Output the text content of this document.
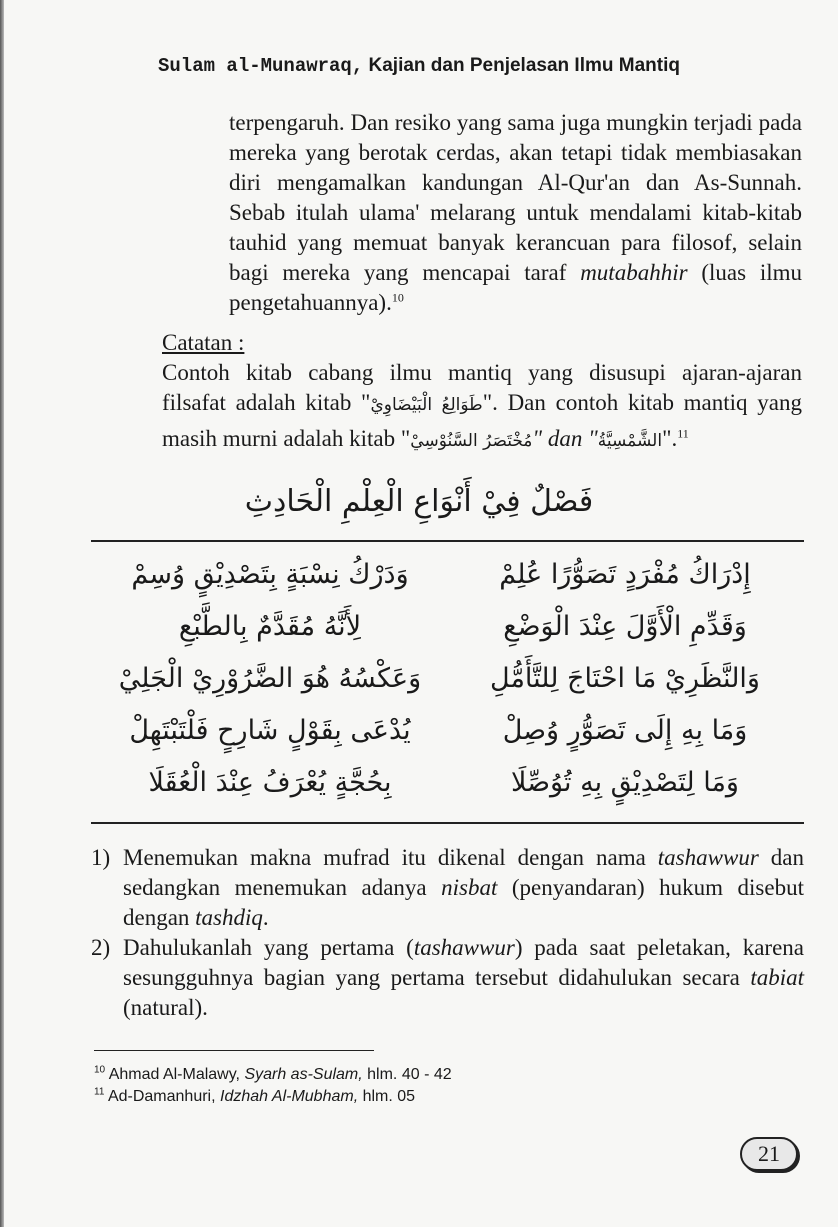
Sulam al-Munawraq, Kajian dan Penjelasan Ilmu Mantiq

terpengaruh. Dan resiko yang sama juga mungkin terjadi pada mereka yang berotak cerdas, akan tetapi tidak membiasakan diri mengamalkan kandungan Al-Qur'an dan As-Sunnah. Sebab itulah ulama' melarang untuk mendalami kitab-kitab tauhid yang memuat banyak kerancuan para filosof, selain bagi mereka yang mencapai taraf mutabahhir (luas ilmu pengetahuannya).$^{10}$

Catatan :
Contoh kitab cabang ilmu mantiq yang disusupi ajaran-ajaran
filsafat adalah kitab "طَوَالِعُ الْبَيْضَاوِيْ". Dan contoh kitab mantiq yang
masih murni adalah kitab "مُخْتَصَرُ السَّنُوْسِيْ" dan "الشَّمْسِيَّةُ".$^{11}$
فَصْلٌ فِيْ أَنْوَاعِ الْعِلْمِ الْحَادِثِ
إِدْرَاكُ مُفْرَدٍ تَصَوُّرًا عُلِمْ
وَدَرْكُ نِسْبَةٍ بِتَصْدِيْقٍ وُسِمْ
وَقَدِّمِ الْأَوَّلَ عِنْدَ الْوَضْعِ
لِأَنَّهُ مُقَدَّمٌ بِالطَّبْعِ
وَالنَّظَرِيْ مَا احْتَاجَ لِلتَّأَمُّلِ
وَعَكْسُهُ هُوَ الضَّرُوْرِيْ الْجَلِيْ
وَمَا بِهِ إِلَى تَصَوُّرٍ وُصِلْ
يُدْعَى بِقَوْلٍ شَارِحٍ فَلْتَبْتَهِلْ
وَمَا لِتَصْدِيْقٍ بِهِ تُوُصِّلَا
بِحُجَّةٍ يُعْرَفُ عِنْدَ الْعُقَلَا
1) Menemukan makna mufrad itu dikenal dengan nama tashawwur dan sedangkan menemukan adanya nisbat (penyandaran) hukum disebut dengan tashdiq.
2) Dahulukanlah yang pertama (tashawwur) pada saat peletakan, karena sesungguhnya bagian yang pertama tersebut didahulukan secara tabiat (natural).
$^{10}$ Ahmad Al-Malawy, Syarh as-Sulam, hlm. 40 - 42
$^{11}$ Ad-Damanhuri, Idzhah Al-Mubham, hlm. 05
21
